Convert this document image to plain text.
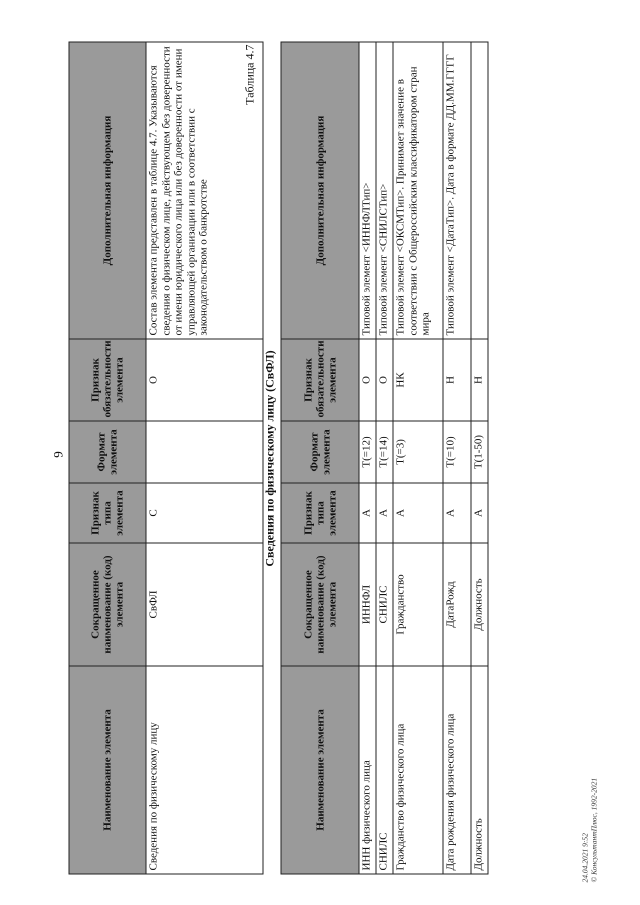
9
Наименование элемента	Сокращенное наименование (код) элемента	Признак типа элемента	Формат элемента	Признак обязательности элемента	Дополнительная информация
Сведения по физическому лицу	СвФЛ	С		О	Состав элемента представлен в таблице 4.7. Указываются сведения о физическом лице, действующем без доверенности от имени юридического лица или без доверенности от имени управляющей организации или в соответствии с законодательством о банкротстве
Таблица 4.7
Сведения по физическому лицу (СвФЛ)
Наименование элемента	Сокращенное наименование (код) элемента	Признак типа элемента	Формат элемента	Признак обязательности элемента	Дополнительная информация
ИНН физического лица	ИННФЛ	А	T(=12)	О	Типовой элемент <ИННФЛТип>
СНИЛС	СНИЛС	А	T(=14)	О	Типовой элемент <СНИЛСТип>
Гражданство физического лица	Гражданство	А	T(=3)	НК	Типовой элемент <ОКСМТип>. Принимает значение в соответствии с Общероссийским классификатором стран мира
Дата рождения физического лица	ДатаРожд	А	T(=10)	Н	Типовой элемент <ДатаТип>. Дата в формате ДД.ММ.ГГГГ
Должность	Должность	А	T(1-50)	Н	
24.04.2021 9:52 © КонсультантПлюс, 1992-2021
